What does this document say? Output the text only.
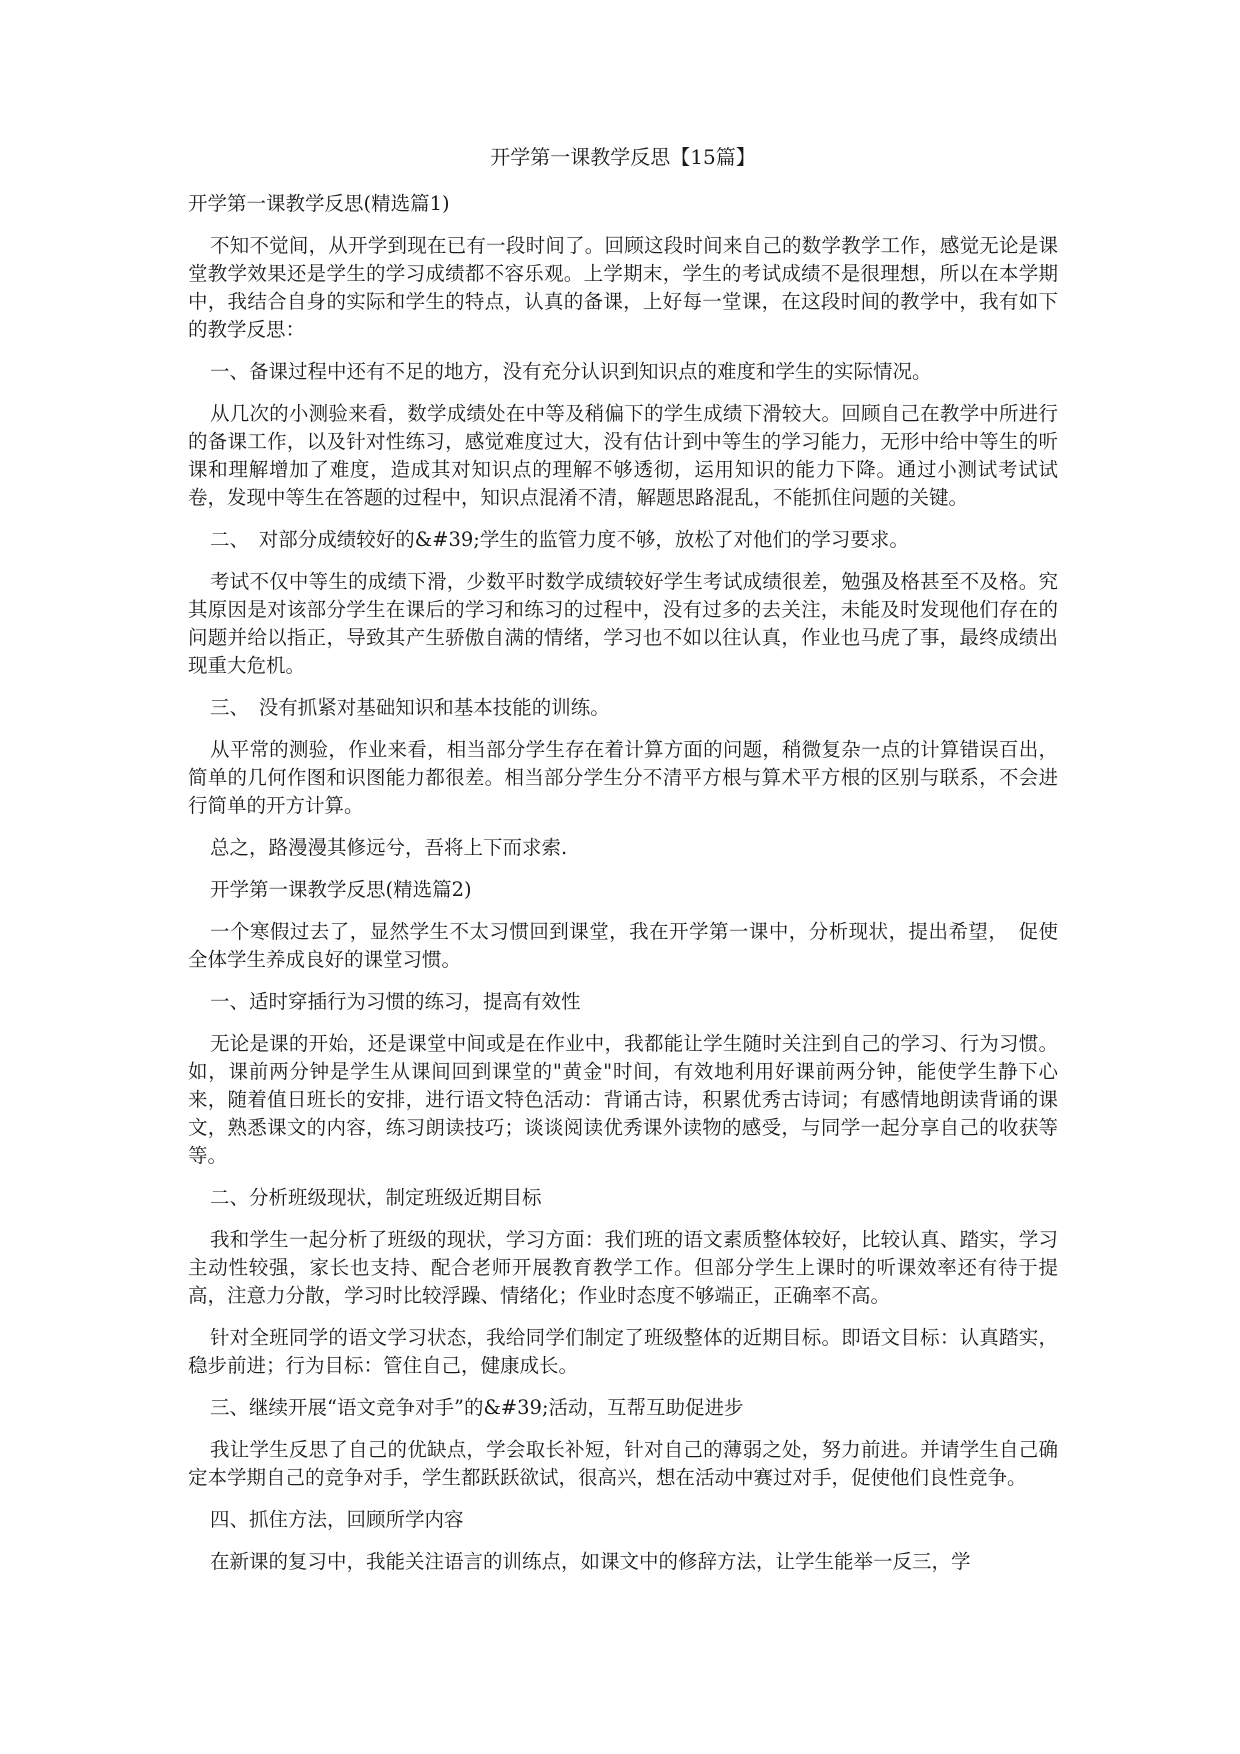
开学第一课教学反思【15篇】
开学第一课教学反思(精选篇1)

不知不觉间，从开学到现在已有一段时间了。回顾这段时间来自己的数学教学工作，感觉无论是课堂教学效果还是学生的学习成绩都不容乐观。上学期末，学生的考试成绩不是很理想，所以在本学期中，我结合自身的实际和学生的特点，认真的备课，上好每一堂课，在这段时间的教学中，我有如下的教学反思：

一、备课过程中还有不足的地方，没有充分认识到知识点的难度和学生的实际情况。

从几次的小测验来看，数学成绩处在中等及稍偏下的学生成绩下滑较大。回顾自己在教学中所进行的备课工作，以及针对性练习，感觉难度过大，没有估计到中等生的学习能力，无形中给中等生的听课和理解增加了难度，造成其对知识点的理解不够透彻，运用知识的能力下降。通过小测试考试试卷，发现中等生在答题的过程中，知识点混淆不清，解题思路混乱，不能抓住问题的关键。

二、　对部分成绩较好的&#39;学生的监管力度不够，放松了对他们的学习要求。

考试不仅中等生的成绩下滑，少数平时数学成绩较好学生考试成绩很差，勉强及格甚至不及格。究其原因是对该部分学生在课后的学习和练习的过程中，没有过多的去关注，未能及时发现他们存在的问题并给以指正，导致其产生骄傲自满的情绪，学习也不如以往认真，作业也马虎了事，最终成绩出现重大危机。

三、　没有抓紧对基础知识和基本技能的训练。

从平常的测验，作业来看，相当部分学生存在着计算方面的问题，稍微复杂一点的计算错误百出，简单的几何作图和识图能力都很差。相当部分学生分不清平方根与算术平方根的区别与联系，不会进行简单的开方计算。

总之，路漫漫其修远兮，吾将上下而求索.
开学第一课教学反思(精选篇2)

一个寒假过去了，显然学生不太习惯回到课堂，我在开学第一课中，分析现状，提出希望，　促使全体学生养成良好的课堂习惯。

一、适时穿插行为习惯的练习，提高有效性

无论是课的开始，还是课堂中间或是在作业中，我都能让学生随时关注到自己的学习、行为习惯。如，课前两分钟是学生从课间回到课堂的"黄金"时间，有效地利用好课前两分钟，能使学生静下心来，随着值日班长的安排，进行语文特色活动：背诵古诗，积累优秀古诗词；有感情地朗读背诵的课文，熟悉课文的内容，练习朗读技巧；谈谈阅读优秀课外读物的感受，与同学一起分享自己的收获等等。

二、分析班级现状，制定班级近期目标

我和学生一起分析了班级的现状，学习方面：我们班的语文素质整体较好，比较认真、踏实，学习主动性较强，家长也支持、配合老师开展教育教学工作。但部分学生上课时的听课效率还有待于提高，注意力分散，学习时比较浮躁、情绪化；作业时态度不够端正，正确率不高。

针对全班同学的语文学习状态，我给同学们制定了班级整体的近期目标。即语文目标：认真踏实，稳步前进；行为目标：管住自己，健康成长。

三、继续开展“语文竞争对手”的&#39;活动，互帮互助促进步

我让学生反思了自己的优缺点，学会取长补短，针对自己的薄弱之处，努力前进。并请学生自己确定本学期自己的竞争对手，学生都跃跃欲试，很高兴，想在活动中赛过对手，促使他们良性竞争。

四、抓住方法，回顾所学内容

在新课的复习中，我能关注语言的训练点，如课文中的修辞方法，让学生能举一反三，学
